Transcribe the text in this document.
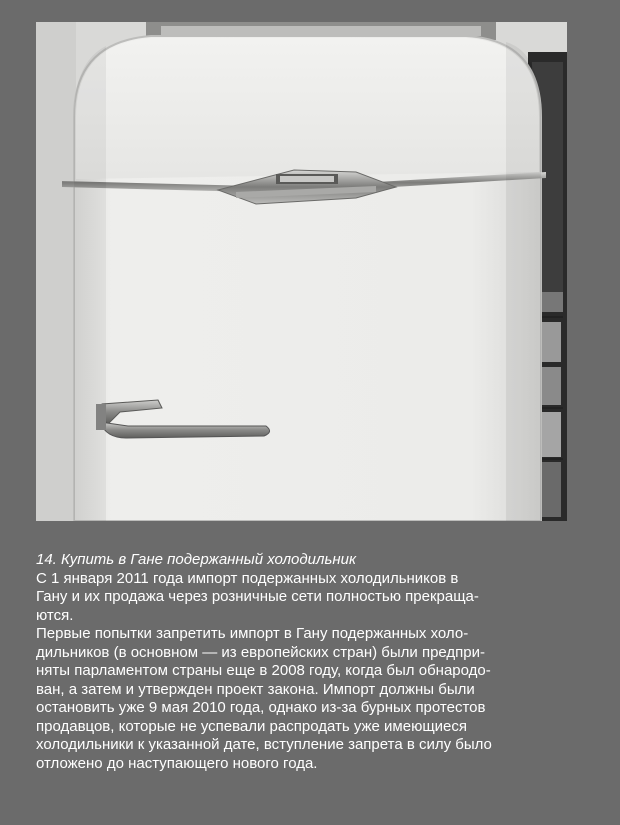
14. Купить в Гане подержанный холодильник

С 1 января 2011 года импорт подержанных холодильников в
Гану и их продажа через розничные сети полностью прекраща-
ются.

Первые попытки запретить импорт в Гану подержанных холо-
дильников (в основном — из европейских стран) были предпри-
няты парламентом страны еще в 2008 году, когда был обнародо-
ван, а затем и утвержден проект закона. Импорт должны были
остановить уже 9 мая 2010 года, однако из-за бурных протестов
продавцов, которые не успевали распродать уже имеющиеся
холодильники к указанной дате, вступление запрета в силу было
отложено до наступающего нового года.
